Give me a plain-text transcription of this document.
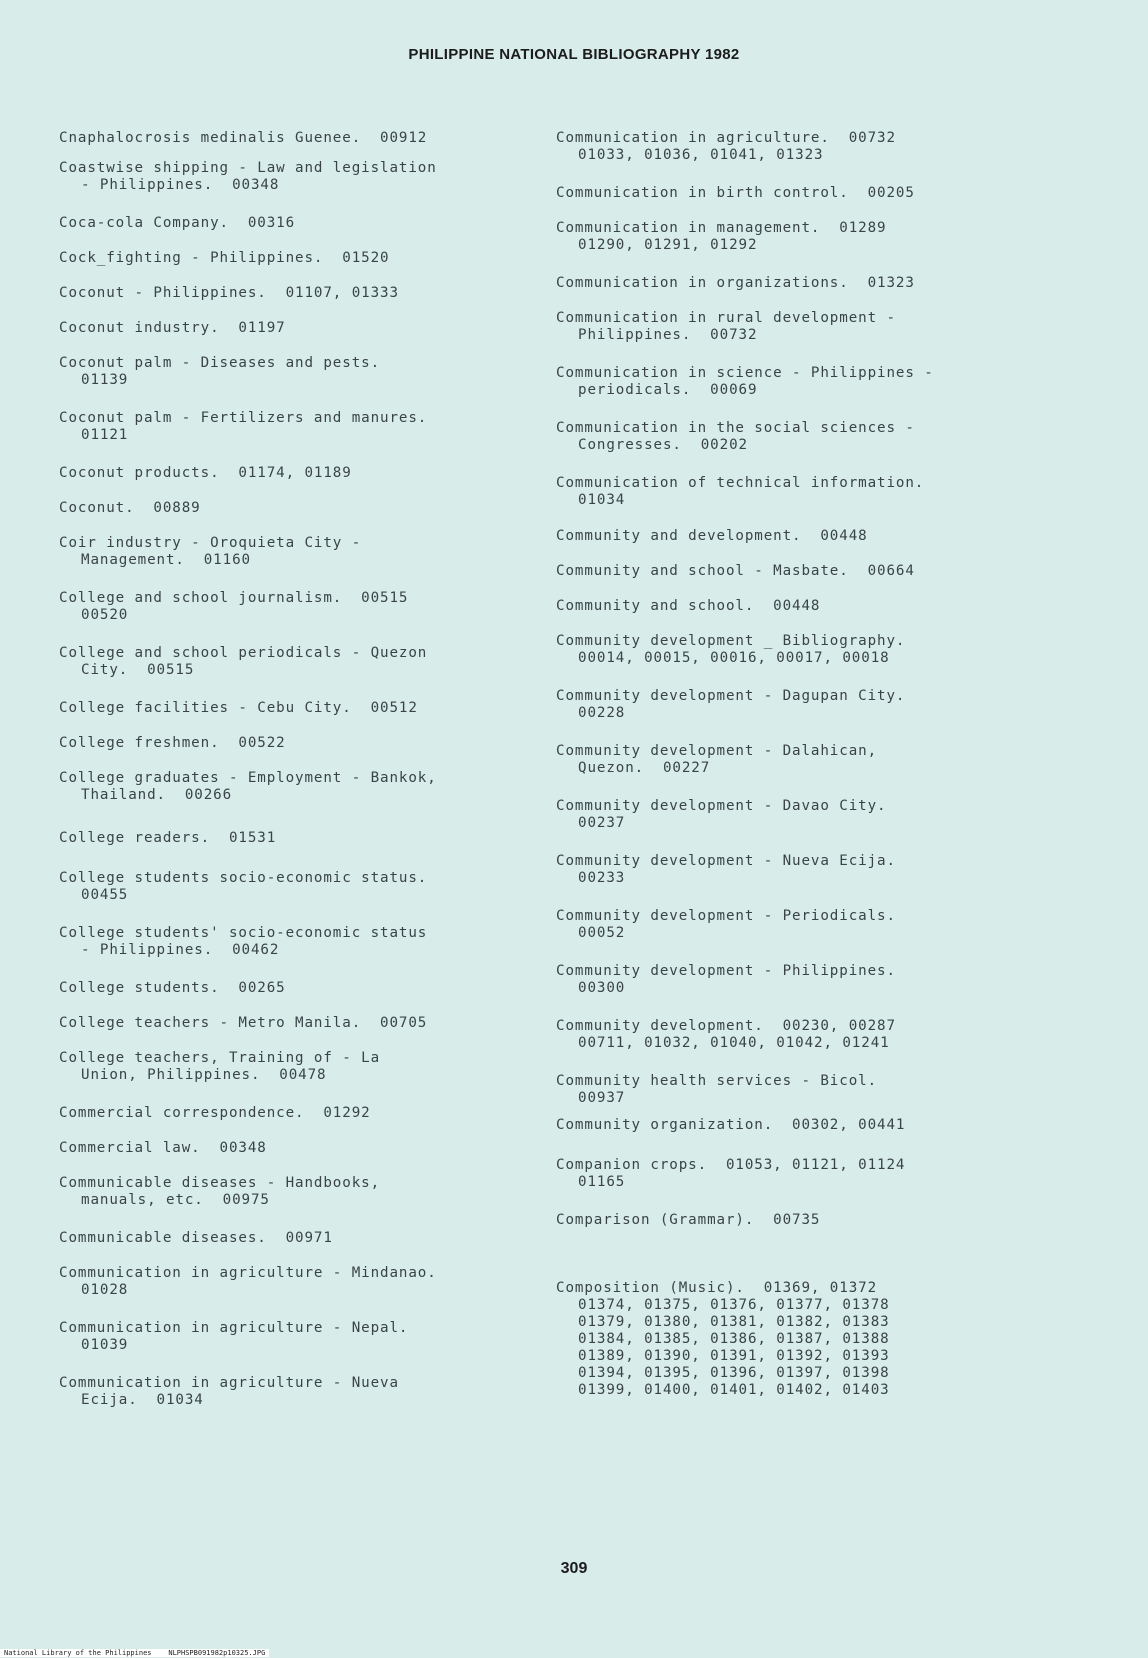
PHILIPPINE NATIONAL BIBLIOGRAPHY 1982
Cnaphalocrosis medinalis Guenee.  00912
Coastwise shipping - Law and legislation
- Philippines.  00348
Coca-cola Company.  00316
Cock_fighting - Philippines.  01520
Coconut - Philippines.  01107, 01333
Coconut industry.  01197
Coconut palm - Diseases and pests.
01139
Coconut palm - Fertilizers and manures.
01121
Coconut products.  01174, 01189
Coconut.  00889
Coir industry - Oroquieta City -
Management.  01160
College and school journalism.  00515
00520
College and school periodicals - Quezon
City.  00515
College facilities - Cebu City.  00512
College freshmen.  00522
College graduates - Employment - Bankok,
Thailand.  00266
College readers.  01531
College students socio-economic status.
00455
College students' socio-economic status
- Philippines.  00462
College students.  00265
College teachers - Metro Manila.  00705
College teachers, Training of - La
Union, Philippines.  00478
Commercial correspondence.  01292
Commercial law.  00348
Communicable diseases - Handbooks,
manuals, etc.  00975
Communicable diseases.  00971
Communication in agriculture - Mindanao.
01028
Communication in agriculture - Nepal.
01039
Communication in agriculture - Nueva
Ecija.  01034
Communication in agriculture.  00732
01033, 01036, 01041, 01323
Communication in birth control.  00205
Communication in management.  01289
01290, 01291, 01292
Communication in organizations.  01323
Communication in rural development -
Philippines.  00732
Communication in science - Philippines -
periodicals.  00069
Communication in the social sciences -
Congresses.  00202
Communication of technical information.
01034
Community and development.  00448
Community and school - Masbate.  00664
Community and school.  00448
Community development _ Bibliography.
00014, 00015, 00016, 00017, 00018
Community development - Dagupan City.
00228
Community development - Dalahican,
Quezon.  00227
Community development - Davao City.
00237
Community development - Nueva Ecija.
00233
Community development - Periodicals.
00052
Community development - Philippines.
00300
Community development.  00230, 00287
00711, 01032, 01040, 01042, 01241
Community health services - Bicol.
00937
Community organization.  00302, 00441
Companion crops.  01053, 01121, 01124
01165
Comparison (Grammar).  00735
Composition (Music).  01369, 01372
01374, 01375, 01376, 01377, 01378
01379, 01380, 01381, 01382, 01383
01384, 01385, 01386, 01387, 01388
01389, 01390, 01391, 01392, 01393
01394, 01395, 01396, 01397, 01398
01399, 01400, 01401, 01402, 01403
309
National Library of the Philippines    NLPHSPB091982p10325.JPG
